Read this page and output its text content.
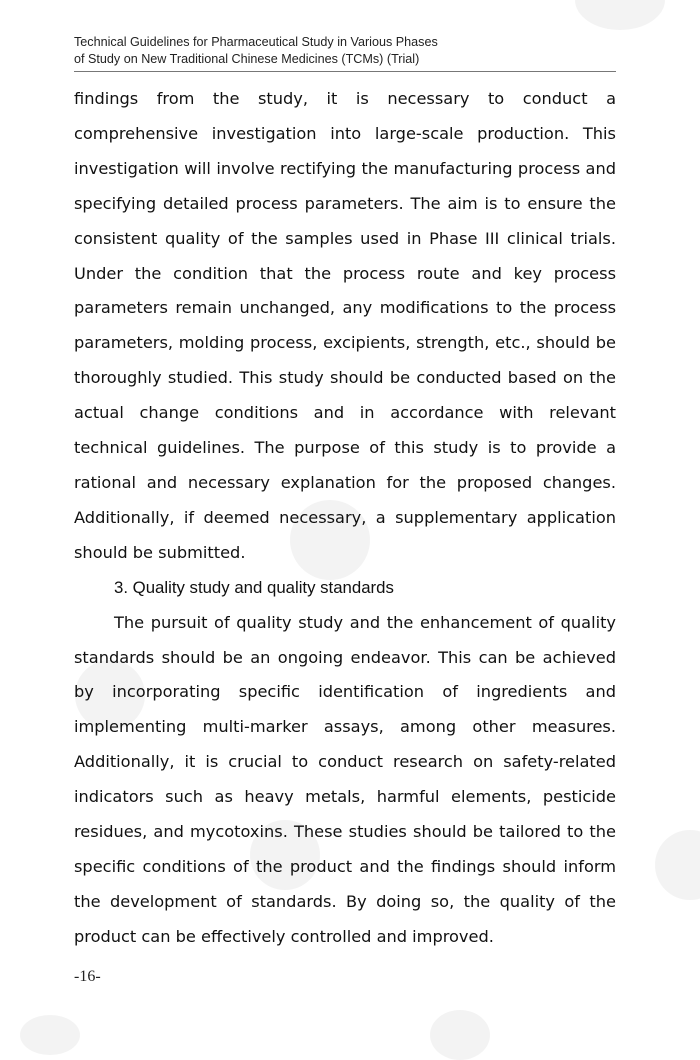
Technical Guidelines for Pharmaceutical Study in Various Phases
of Study on New Traditional Chinese Medicines (TCMs) (Trial)

findings from the study, it is necessary to conduct a comprehensive investigation into large-scale production. This investigation will involve rectifying the manufacturing process and specifying detailed process parameters. The aim is to ensure the consistent quality of the samples used in Phase III clinical trials. Under the condition that the process route and key process parameters remain unchanged, any modifications to the process parameters, molding process, excipients, strength, etc., should be thoroughly studied. This study should be conducted based on the actual change conditions and in accordance with relevant technical guidelines. The purpose of this study is to provide a rational and necessary explanation for the proposed changes. Additionally, if deemed necessary, a supplementary application should be submitted.

3. Quality study and quality standards

The pursuit of quality study and the enhancement of quality standards should be an ongoing endeavor. This can be achieved by incorporating specific identification of ingredients and implementing multi-marker assays, among other measures. Additionally, it is crucial to conduct research on safety-related indicators such as heavy metals, harmful elements, pesticide residues, and mycotoxins. These studies should be tailored to the specific conditions of the product and the findings should inform the development of standards. By doing so, the quality of the product can be effectively controlled and improved.

-16-
